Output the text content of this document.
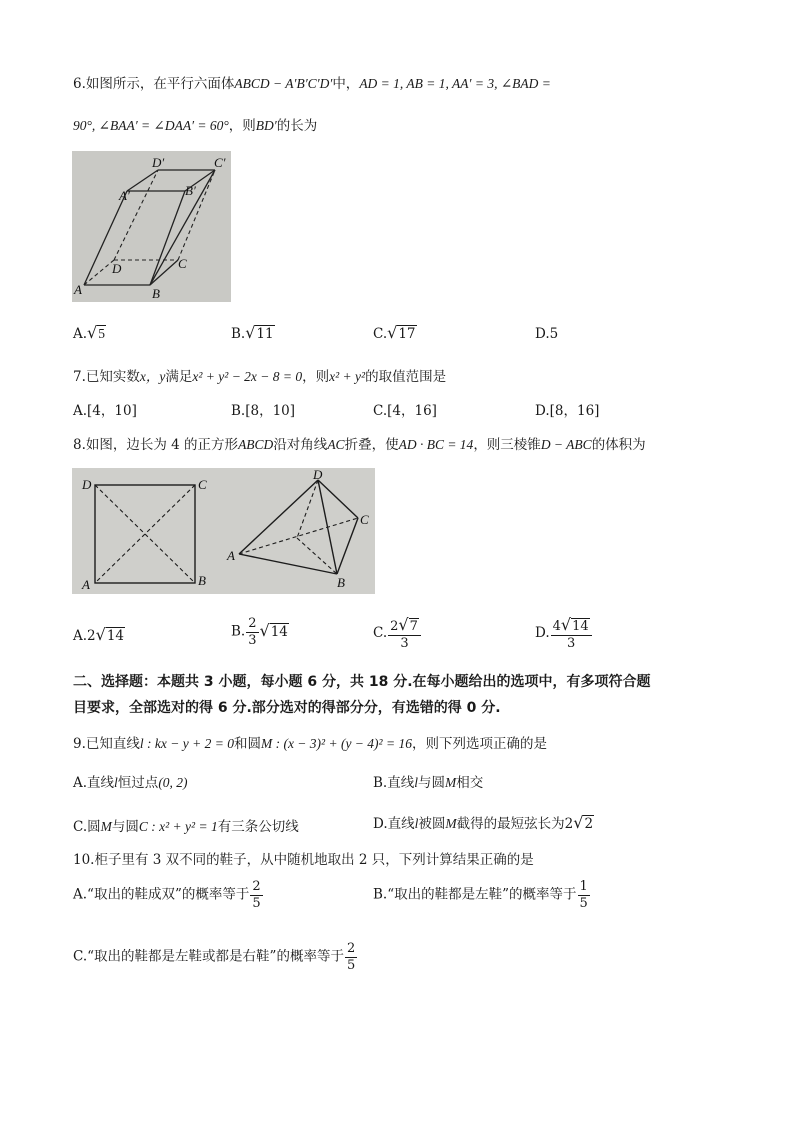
6.如图所示，在平行六面体ABCD − A′B′C′D′中，AD = 1, AB = 1, AA′ = 3, ∠BAD =
90°, ∠BAA′ = ∠DAA′ = 60°，则BD′的长为
A	B
C
D
A′	B′
C′
D′
A.√5	B.√11	C.√17	D.5
7.已知实数x，y满足x² + y² − 2x − 8 = 0，则x² + y²的取值范围是
A.[4，10]	B.[8，10]	C.[4，16]	D.[8，16]
8.如图，边长为 4 的正方形ABCD沿对角线AC折叠，使AD · BC = 14，则三棱锥D − ABC的体积为
D	C
A	B
D
C
A
B
A.2√14	B. $\frac{2}{3} √14$	C. $\frac{2√7}{3}$	D. $\frac{4√14}{3}$
二、选择题：本题共 3 小题，每小题 6 分，共 18 分.在每小题给出的选项中，有多项符合题
目要求，全部选对的得 6 分.部分选对的得部分分，有选错的得 0 分.
9.已知直线l : kx − y + 2 = 0和圆M : (x − 3)² + (y − 4)² = 16，则下列选项正确的是
A.直线l恒过点(0, 2)	B.直线l与圆M相交
C.圆M与圆C : x² + y² = 1有三条公切线	D.直线l被圆M截得的最短弦长为2√2
10.柜子里有 3 双不同的鞋子，从中随机地取出 2 只，下列计算结果正确的是
A.“取出的鞋成双”的概率等于 $\frac{2}{5}$	B.“取出的鞋都是左鞋”的概率等于 $\frac{1}{5}$
C.“取出的鞋都是左鞋或都是右鞋”的概率等于 $\frac{2}{5}$
